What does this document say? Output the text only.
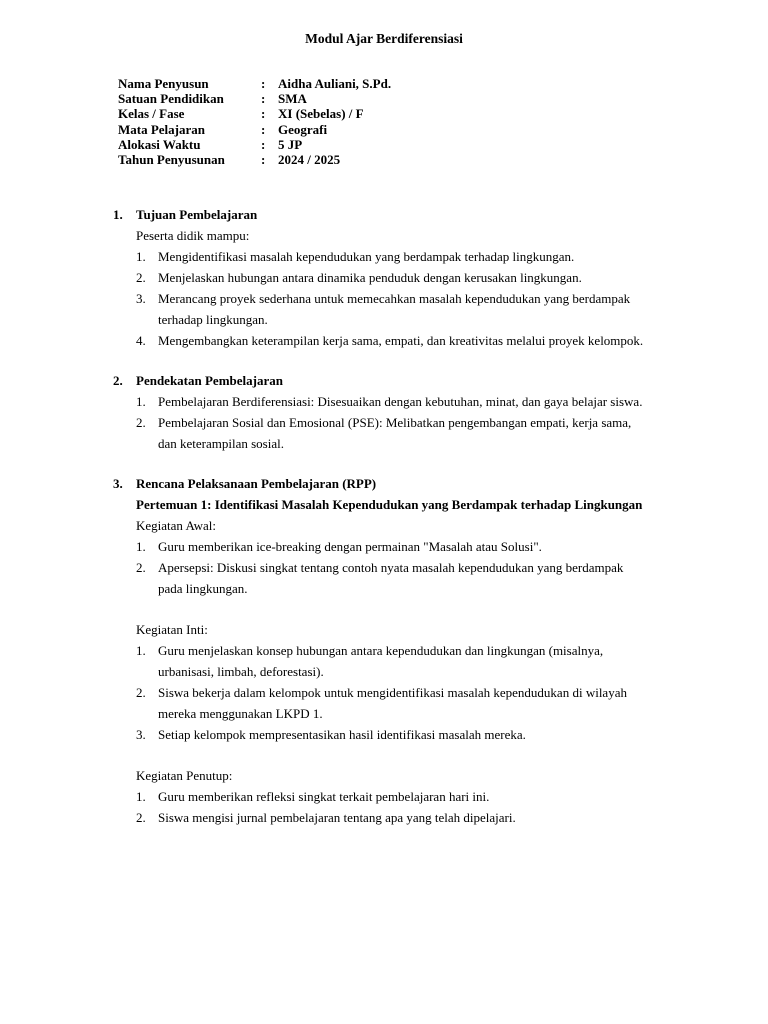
Modul Ajar Berdiferensiasi
Nama Penyusun	: Aidha Auliani, S.Pd.
Satuan Pendidikan	: SMA
Kelas / Fase	: XI (Sebelas) / F
Mata Pelajaran	: Geografi
Alokasi Waktu	: 5 JP
Tahun Penyusunan	: 2024 / 2025
1. Tujuan Pembelajaran
Peserta didik mampu:
1. Mengidentifikasi masalah kependudukan yang berdampak terhadap lingkungan.
2. Menjelaskan hubungan antara dinamika penduduk dengan kerusakan lingkungan.
3. Merancang proyek sederhana untuk memecahkan masalah kependudukan yang berdampak
terhadap lingkungan.
4. Mengembangkan keterampilan kerja sama, empati, dan kreativitas melalui proyek kelompok.
2. Pendekatan Pembelajaran
1. Pembelajaran Berdiferensiasi: Disesuaikan dengan kebutuhan, minat, dan gaya belajar siswa.
2. Pembelajaran Sosial dan Emosional (PSE): Melibatkan pengembangan empati, kerja sama,
dan keterampilan sosial.
3. Rencana Pelaksanaan Pembelajaran (RPP)
Pertemuan 1: Identifikasi Masalah Kependudukan yang Berdampak terhadap Lingkungan
Kegiatan Awal:
1. Guru memberikan ice-breaking dengan permainan "Masalah atau Solusi".
2. Apersepsi: Diskusi singkat tentang contoh nyata masalah kependudukan yang berdampak
pada lingkungan.
Kegiatan Inti:
1. Guru menjelaskan konsep hubungan antara kependudukan dan lingkungan (misalnya,
urbanisasi, limbah, deforestasi).
2. Siswa bekerja dalam kelompok untuk mengidentifikasi masalah kependudukan di wilayah
mereka menggunakan LKPD 1.
3. Setiap kelompok mempresentasikan hasil identifikasi masalah mereka.
Kegiatan Penutup:
1. Guru memberikan refleksi singkat terkait pembelajaran hari ini.
2. Siswa mengisi jurnal pembelajaran tentang apa yang telah dipelajari.
